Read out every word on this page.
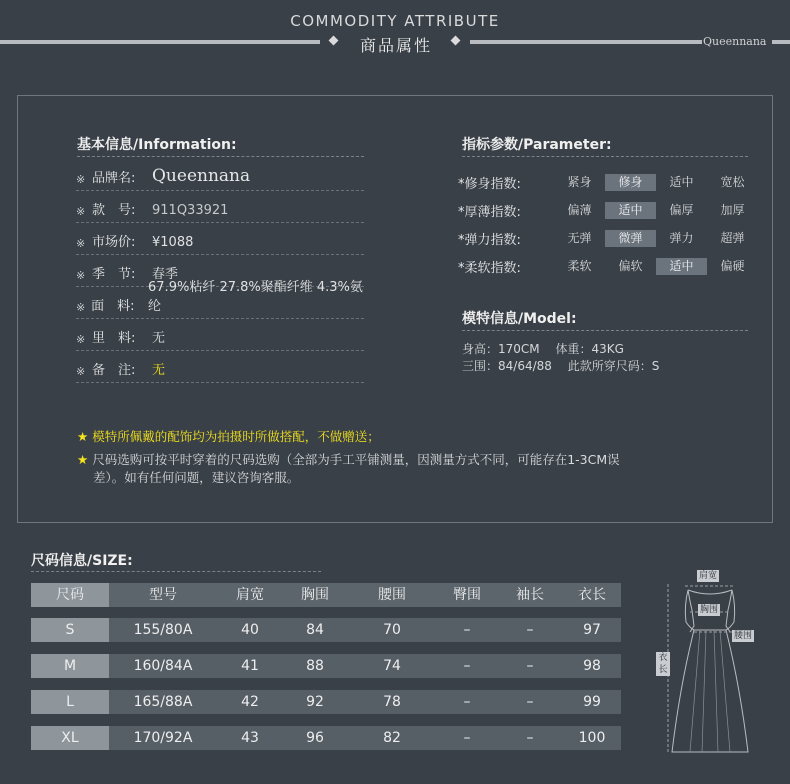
COMMODITY ATTRIBUTE
商品属性	Queennana
基本信息/Information:
※ 品牌名: Queennana
※ 款　号:	911Q33921
※ 市场价:	¥1088
※ 季　节:	春季
※ 面　料:
67.9%粘纤 27.8%聚酯纤维 4.3%氨纶
※ 里　料:	无
※ 备　注:	无
指标参数/Parameter:
*修身指数:	紧身	修身	适中	宽松
*厚薄指数:	偏薄	适中	偏厚	加厚
*弹力指数:	无弹	微弹	弹力	超弹
*柔软指数:	柔软	偏软	适中	偏硬
模特信息/Model:
身高：170CM　 体重：43KG
三围：84/64/88　 此款所穿尺码：S
★ 模特所佩戴的配饰均为拍摄时所做搭配，不做赠送；
★ 尺码选购可按平时穿着的尺码选购（全部为手工平铺测量，因测量方式不同，可能存在1-3CM误
差）。如有任何问题，建议咨询客服。
尺码信息/SIZE:
尺码	型号	肩宽	胸围	腰围	臀围	袖长	衣长
S	155/80A	40	84	70	–	–	97
M	160/84A	41	88	74	–	–	98
L	165/88A	42	92	78	–	–	99
XL	170/92A	43	96	82	–	–	100
肩宽
胸围
腰围
衣
长
